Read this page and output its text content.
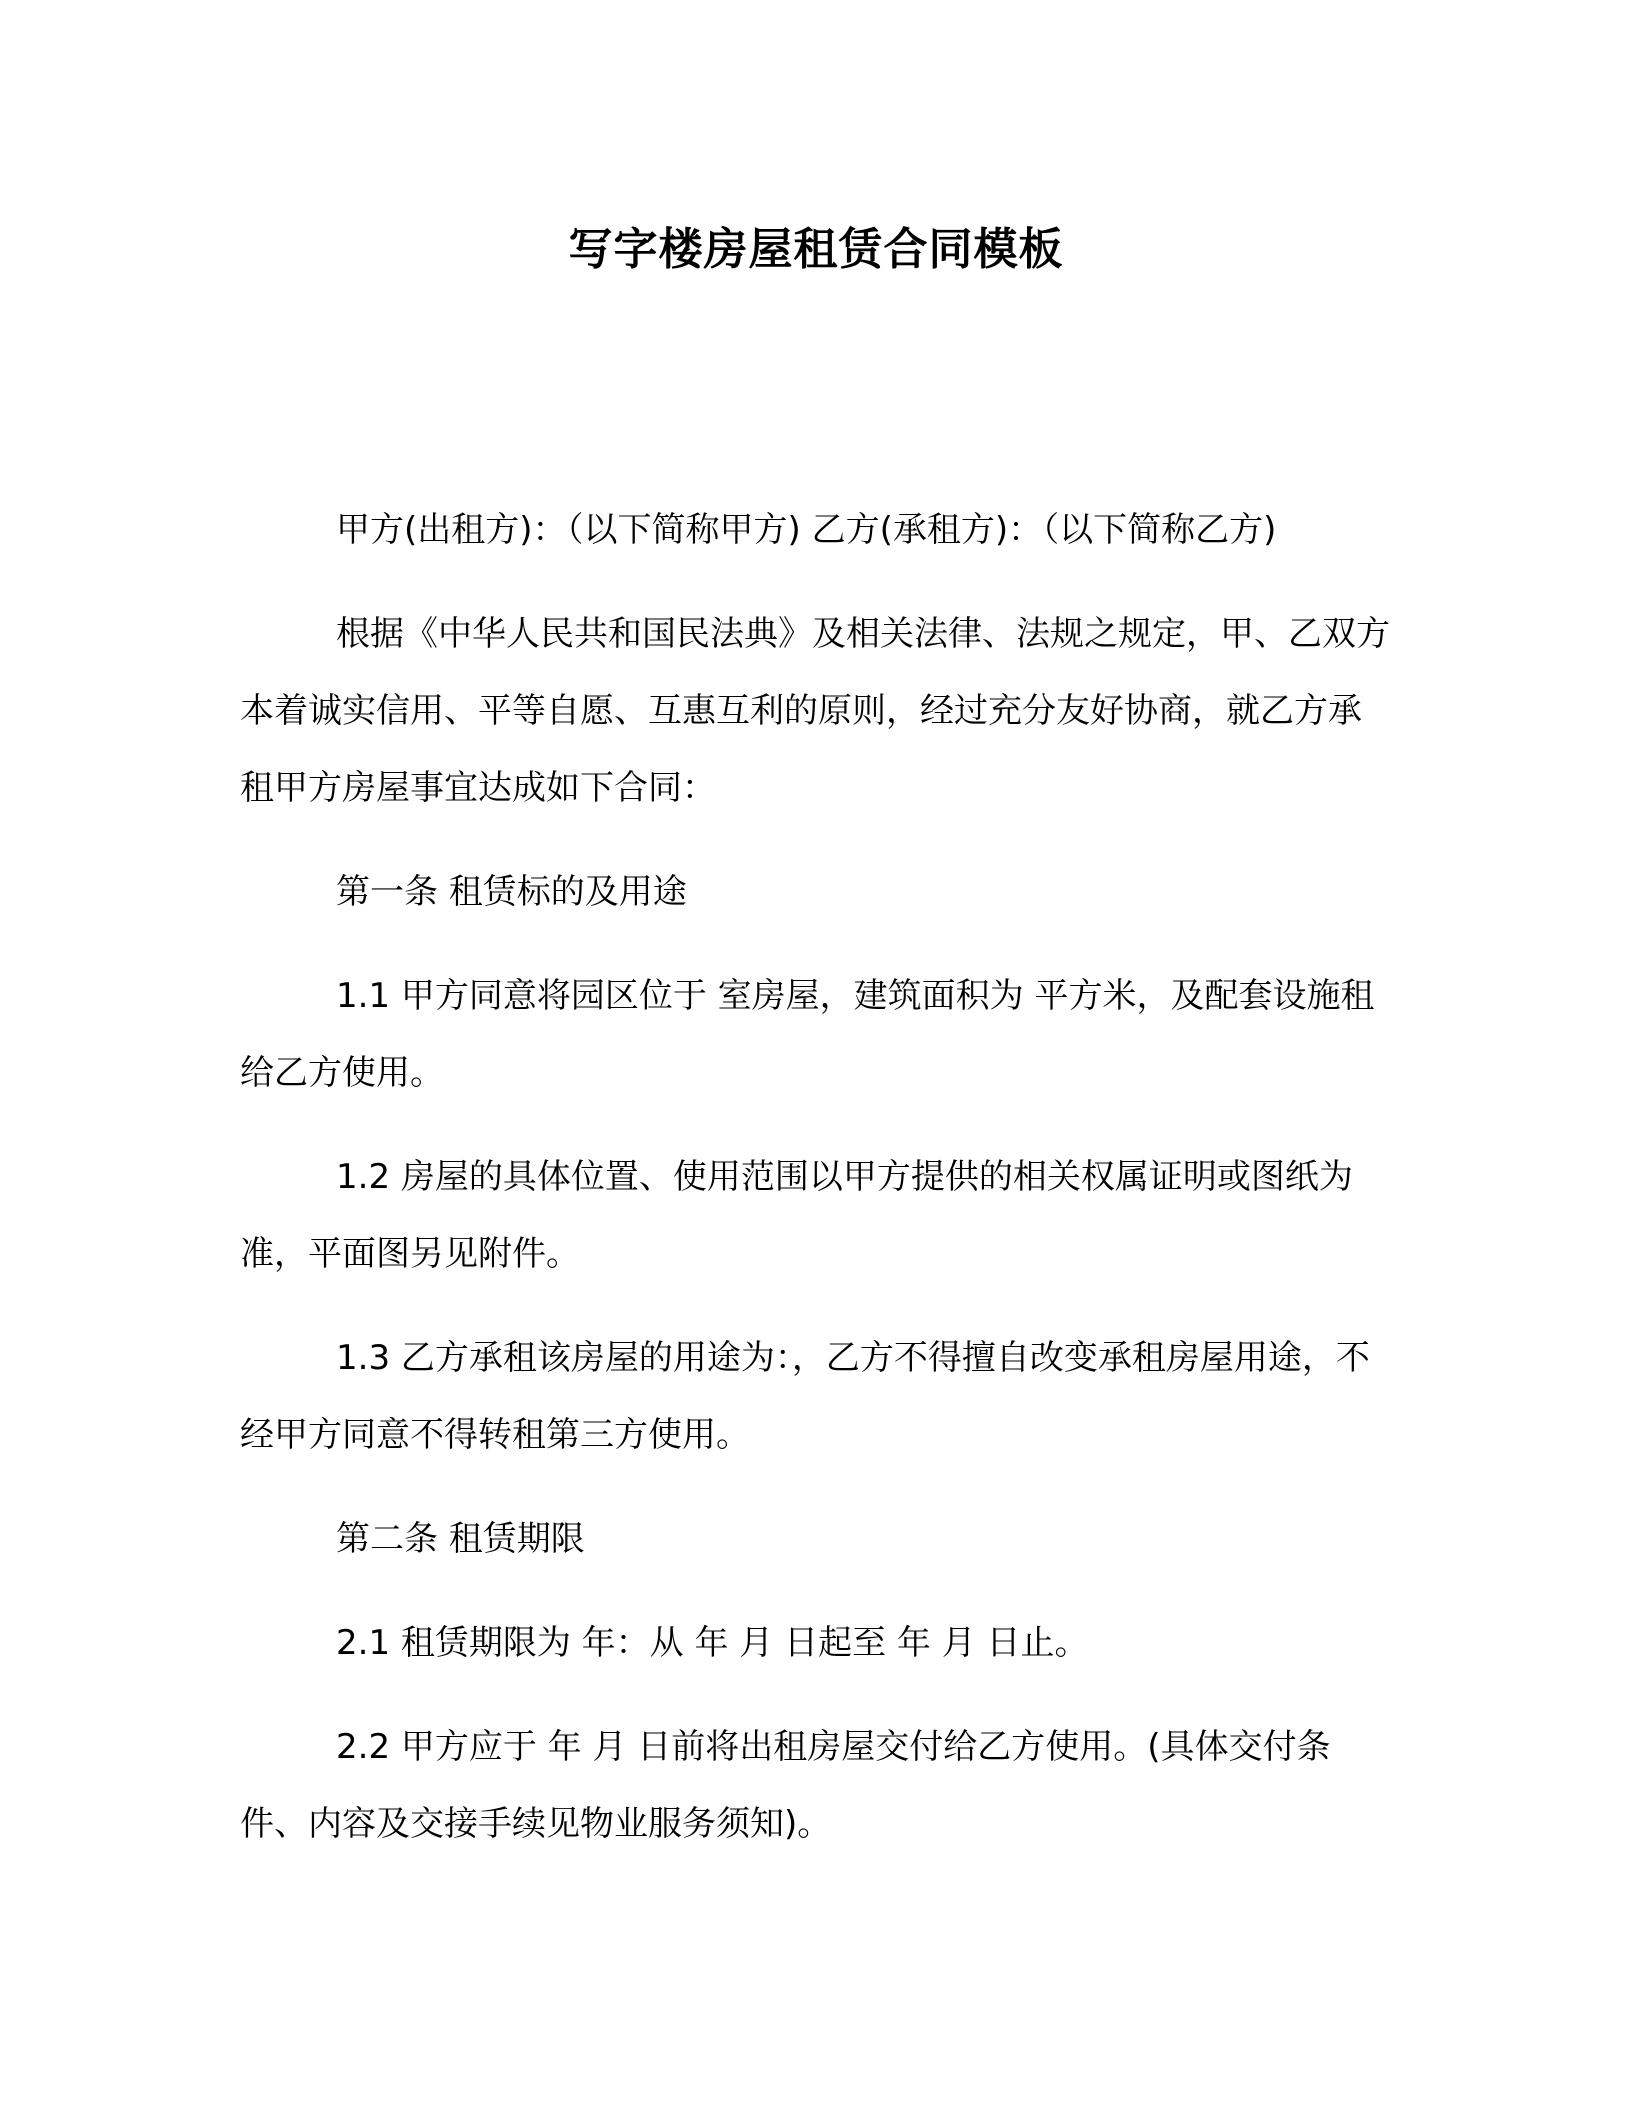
写字楼房屋租赁合同模板

甲方(出租方)：（以下简称甲方) 乙方(承租方)：（以下简称乙方)

根据《中华人民共和国民法典》及相关法律、法规之规定，甲、乙双方本着诚实信用、平等自愿、互惠互利的原则，经过充分友好协商，就乙方承租甲方房屋事宜达成如下合同：

第一条 租赁标的及用途

1.1 甲方同意将园区位于 室房屋，建筑面积为 平方米，及配套设施租给乙方使用。

1.2 房屋的具体位置、使用范围以甲方提供的相关权属证明或图纸为准，平面图另见附件。

1.3 乙方承租该房屋的用途为：，乙方不得擅自改变承租房屋用途，不经甲方同意不得转租第三方使用。

第二条 租赁期限

2.1 租赁期限为 年：从 年 月 日起至 年 月 日止。

2.2 甲方应于 年 月 日前将出租房屋交付给乙方使用。(具体交付条件、内容及交接手续见物业服务须知)。
